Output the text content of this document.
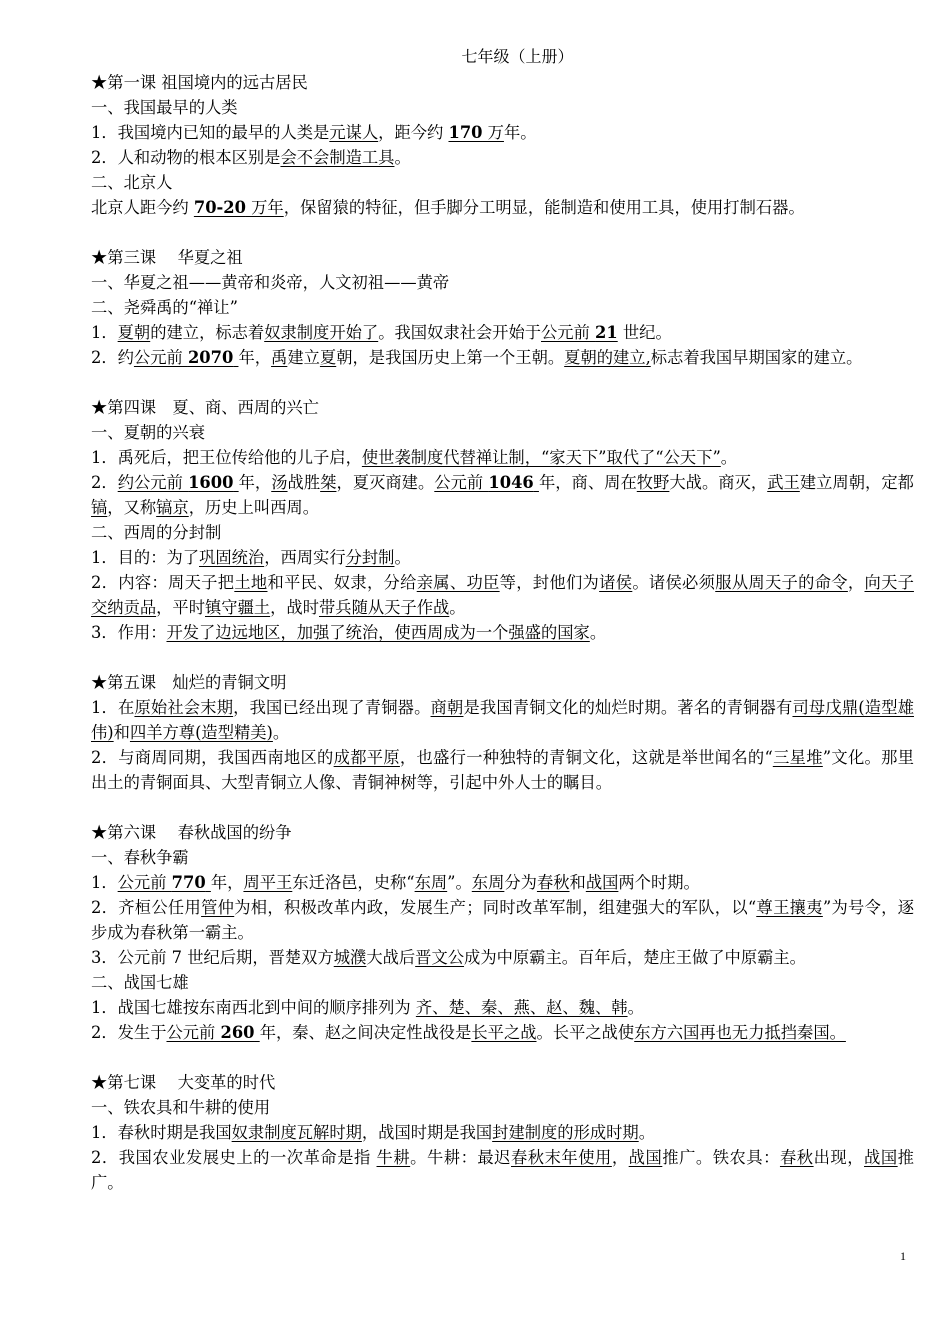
七年级（上册）
★第一课 祖国境内的远古居民
一、我国最早的人类
1．我国境内已知的最早的人类是元谋人，距今约 170 万年。
2．人和动物的根本区别是会不会制造工具。
二、北京人
北京人距今约 70-20 万年，保留猿的特征，但手脚分工明显，能制造和使用工具，使用打制石器。
★第三课　 华夏之祖
一、华夏之祖——黄帝和炎帝，人文初祖——黄帝
二、尧舜禹的“禅让”
1．夏朝的建立，标志着奴隶制度开始了。我国奴隶社会开始于公元前 21 世纪。
2．约公元前 2070 年，禹建立夏朝，是我国历史上第一个王朝。夏朝的建立,标志着我国早期国家的建立。
★第四课　夏、商、西周的兴亡
一、夏朝的兴衰
1．禹死后，把王位传给他的儿子启，使世袭制度代替禅让制，“家天下”取代了“公天下”。
2．约公元前 1600 年，汤战胜桀，夏灭商建。公元前 1046 年，商、周在牧野大战。商灭，武王建立周朝，定都镐，又称镐京，历史上叫西周。
二、西周的分封制
1．目的：为了巩固统治，西周实行分封制。
2．内容：周天子把土地和平民、奴隶，分给亲属、功臣等，封他们为诸侯。诸侯必须服从周天子的命令，向天子交纳贡品，平时镇守疆土，战时带兵随从天子作战。
3．作用：开发了边远地区，加强了统治，使西周成为一个强盛的国家。
★第五课　灿烂的青铜文明
1．在原始社会末期，我国已经出现了青铜器。商朝是我国青铜文化的灿烂时期。著名的青铜器有司母戊鼎(造型雄伟)和四羊方尊(造型精美)。
2．与商周同期，我国西南地区的成都平原，也盛行一种独特的青铜文化，这就是举世闻名的“三星堆”文化。那里出土的青铜面具、大型青铜立人像、青铜神树等，引起中外人士的瞩目。
★第六课　 春秋战国的纷争
一、春秋争霸
1．公元前 770 年，周平王东迁洛邑，史称“东周”。东周分为春秋和战国两个时期。
2．齐桓公任用管仲为相，积极改革内政，发展生产；同时改革军制，组建强大的军队，以“尊王攘夷”为号令，逐步成为春秋第一霸主。
3．公元前 7 世纪后期，晋楚双方城濮大战后晋文公成为中原霸主。百年后，楚庄王做了中原霸主。
二、战国七雄
1．战国七雄按东南西北到中间的顺序排列为 齐、楚、秦、燕、赵、魏、韩。
2．发生于公元前 260 年，秦、赵之间决定性战役是长平之战。长平之战使东方六国再也无力抵挡秦国。
★第七课　 大变革的时代
一、铁农具和牛耕的使用
1．春秋时期是我国奴隶制度瓦解时期，战国时期是我国封建制度的形成时期。
2．我国农业发展史上的一次革命是指 牛耕。牛耕：最迟春秋末年使用，战国推广。铁农具：春秋出现，战国推广。
1
